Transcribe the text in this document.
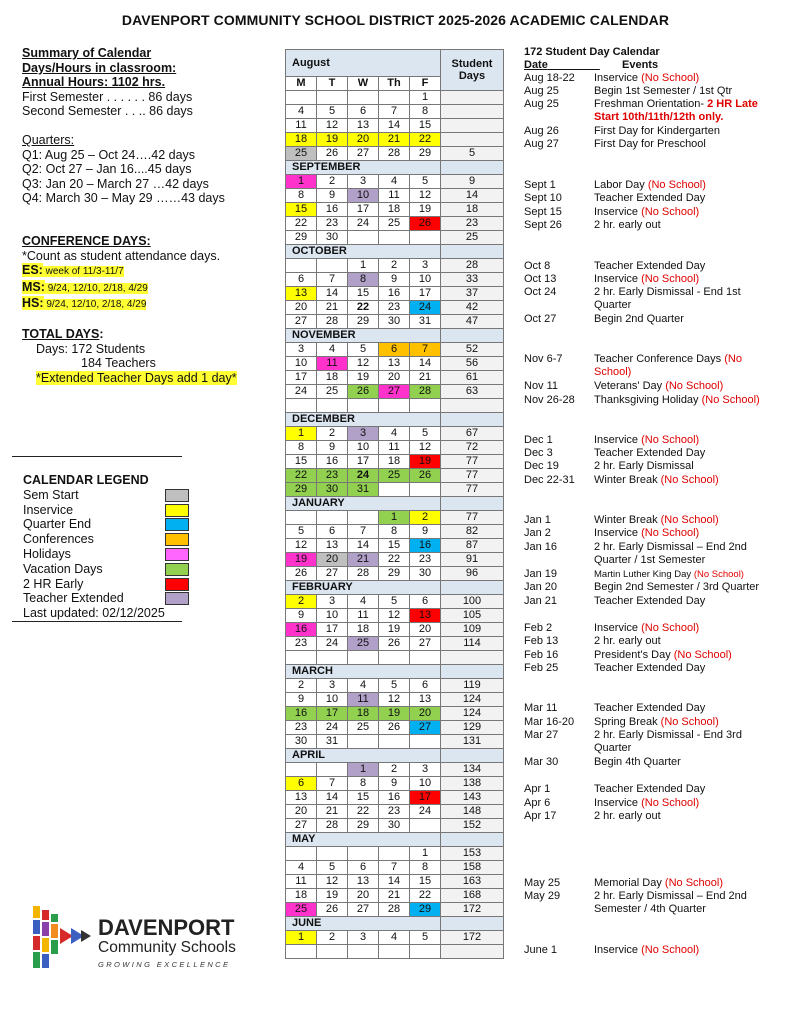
DAVENPORT COMMUNITY SCHOOL DISTRICT 2025-2026 ACADEMIC CALENDAR
Summary of Calendar
Days/Hours in classroom:
Annual Hours: 1102 hrs.
First Semester . . . . . . 86 days
Second Semester . . .. 86 days
Quarters:
Q1: Aug 25 – Oct 24….42 days
Q2: Oct 27 – Jan 16....45 days
Q3: Jan 20 – March 27 …42 days
Q4: March 30 – May 29 ……43 days
CONFERENCE DAYS:
*Count as student attendance days.
ES: week of 11/3-11/7
MS: 9/24, 12/10, 2/18, 4/29
HS: 9/24, 12/10, 2/18, 4/29
TOTAL DAYS:
Days: 172 Students
184 Teachers
*Extended Teacher Days add 1 day*
CALENDAR LEGEND
Sem Start
Inservice
Quarter End
Conferences
Holidays
Vacation Days
2 HR Early
Teacher Extended
Last updated: 02/12/2025
August					Student Days
M	T	W	Th	F	
				1	
4	5	6	7	8	
11	12	13	14	15	
18	19	20	21	22	
25	26	27	28	29	5
SEPTEMBER					
1	2	3	4	5	9
8	9	10	11	12	14
15	16	17	18	19	18
22	23	24	25	26	23
29	30				25
OCTOBER					
		1	2	3	28
6	7	8	9	10	33
13	14	15	16	17	37
20	21	22	23	24	42
27	28	29	30	31	47
NOVEMBER					
3	4	5	6	7	52
10	11	12	13	14	56
17	18	19	20	21	61
24	25	26	27	28	63

DECEMBER					
1	2	3	4	5	67
8	9	10	11	12	72
15	16	17	18	19	77
22	23	24	25	26	77
29	30	31			77
JANUARY					
			1	2	77
5	6	7	8	9	82
12	13	14	15	16	87
19	20	21	22	23	91
26	27	28	29	30	96
FEBRUARY					
2	3	4	5	6	100
9	10	11	12	13	105
16	17	18	19	20	109
23	24	25	26	27	114

MARCH					
2	3	4	5	6	119
9	10	11	12	13	124
16	17	18	19	20	124
23	24	25	26	27	129
30	31				131
APRIL					
		1	2	3	134
6	7	8	9	10	138
13	14	15	16	17	143
20	21	22	23	24	148
27	28	29	30		152
MAY					
				1	153
4	5	6	7	8	158
11	12	13	14	15	163
18	19	20	21	22	168
25	26	27	28	29	172
JUNE					
1	2	3	4	5	172

172 Student Day Calendar
Date	Events
Aug 18-22	Inservice (No School)
Aug 25	Begin 1st Semester / 1st Qtr
Aug 25	Freshman Orientation- 2 HR Late Start 10th/11th/12th only.
Aug 26	First Day for Kindergarten
Aug 27	First Day for Preschool
Sept 1	Labor Day (No School)
Sept 10	Teacher Extended Day
Sept 15	Inservice (No School)
Sept 26	2 hr. early out
Oct 8	Teacher Extended Day
Oct 13	Inservice (No School)
Oct 24	2 hr. Early Dismissal - End 1st Quarter
Oct 27	Begin 2nd Quarter
Nov 6-7	Teacher Conference Days (No School)
Nov 11	Veterans' Day (No School)
Nov 26-28	Thanksgiving Holiday (No School)
Dec 1	Inservice (No School)
Dec 3	Teacher Extended Day
Dec 19	2 hr. Early Dismissal
Dec 22-31	Winter Break (No School)
Jan 1	Winter Break (No School)
Jan 2	Inservice (No School)
Jan 16	2 hr. Early Dismissal – End 2nd Quarter / 1st Semester
Jan 19	Martin Luther King Day (No School)
Jan 20	Begin 2nd Semester / 3rd Quarter
Jan 21	Teacher Extended Day
Feb 2	Inservice (No School)
Feb 13	2 hr. early out
Feb 16	President's Day (No School)
Feb 25	Teacher Extended Day
Mar 11	Teacher Extended Day
Mar 16-20	Spring Break (No School)
Mar 27	2 hr. Early Dismissal - End 3rd Quarter
Mar 30	Begin 4th Quarter
Apr 1	Teacher Extended Day
Apr 6	Inservice (No School)
Apr 17	2 hr. early out
May 25	Memorial Day (No School)
May 29	2 hr. Early Dismissal – End 2nd Semester / 4th Quarter
June 1	Inservice (No School)
DAVENPORT
Community Schools
GROWING EXCELLENCE
